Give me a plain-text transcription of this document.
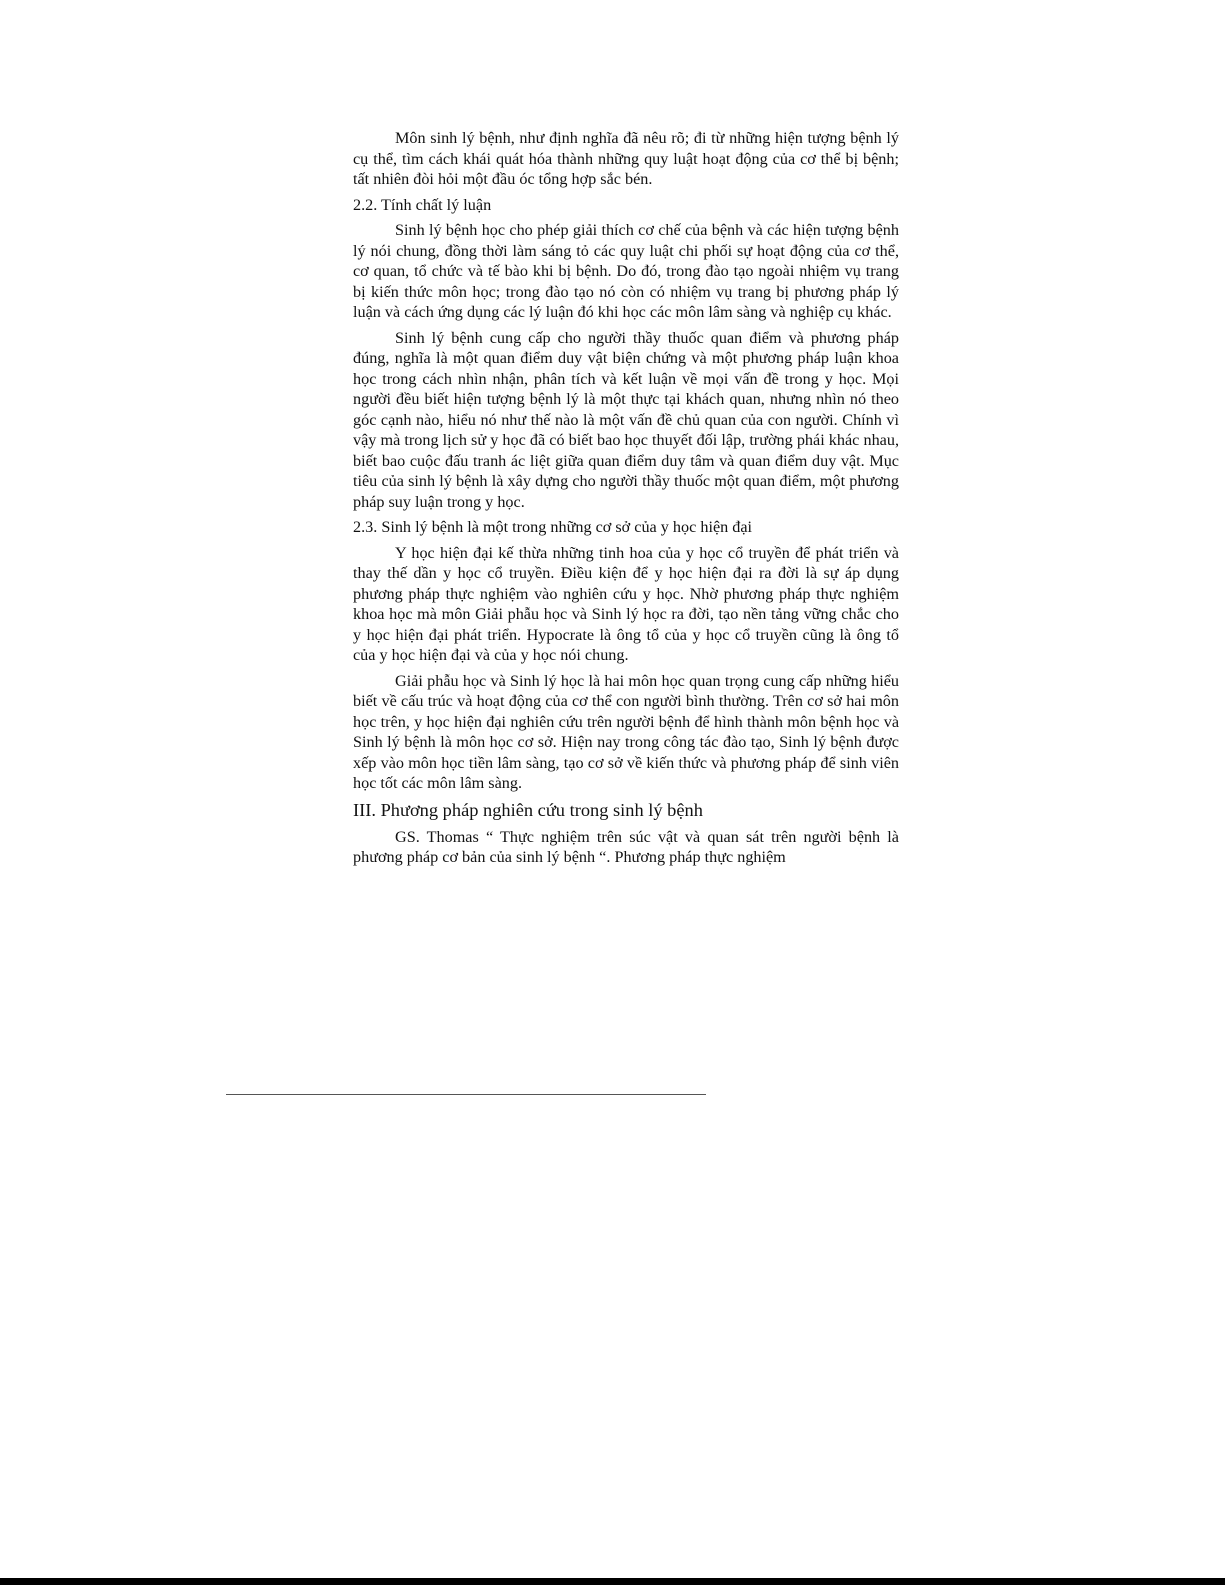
Môn sinh lý bệnh, như định nghĩa đã nêu rõ; đi từ những hiện tượng bệnh lý cụ thể, tìm cách khái quát hóa thành những quy luật hoạt động của cơ thể bị bệnh; tất nhiên đòi hỏi một đầu óc tổng hợp sắc bén.

2.2. Tính chất lý luận

Sinh lý bệnh học cho phép giải thích cơ chế của bệnh và các hiện tượng bệnh lý nói chung, đồng thời làm sáng tỏ các quy luật chi phối sự hoạt động của cơ thể, cơ quan, tổ chức và tế bào khi bị bệnh. Do đó, trong đào tạo ngoài nhiệm vụ trang bị kiến thức môn học; trong đào tạo nó còn có nhiệm vụ trang bị phương pháp lý luận và cách ứng dụng các lý luận đó khi học các môn lâm sàng và nghiệp cụ khác.

Sinh lý bệnh cung cấp cho người thầy thuốc quan điểm và phương pháp đúng, nghĩa là một quan điểm duy vật biện chứng và một phương pháp luận khoa học trong cách nhìn nhận, phân tích và kết luận về mọi vấn đề trong y học. Mọi người đều biết hiện tượng bệnh lý là một thực tại khách quan, nhưng nhìn nó theo góc cạnh nào, hiểu nó như thế nào là một vấn đề chủ quan của con người. Chính vì vậy mà trong lịch sử y học đã có biết bao học thuyết đối lập, trường phái khác nhau, biết bao cuộc đấu tranh ác liệt giữa quan điểm duy tâm và quan điểm duy vật. Mục tiêu của sinh lý bệnh là xây dựng cho người thầy thuốc một quan điểm, một phương pháp suy luận trong y học.

2.3. Sinh lý bệnh là một trong những cơ sở của y học hiện đại

Y học hiện đại kế thừa những tinh hoa của y học cổ truyền để phát triển và thay thế dần y học cổ truyền. Điều kiện để y học hiện đại ra đời là sự áp dụng phương pháp thực nghiệm vào nghiên cứu y học. Nhờ phương pháp thực nghiệm khoa học mà môn Giải phẫu học và Sinh lý học ra đời, tạo nền tảng vững chắc cho y học hiện đại phát triển. Hypocrate là ông tổ của y học cổ truyền cũng là ông tổ của y học hiện đại và của y học nói chung.

Giải phẫu học và Sinh lý học là hai môn học quan trọng cung cấp những hiểu biết về cấu trúc và hoạt động của cơ thể con người bình thường. Trên cơ sở hai môn học trên, y học hiện đại nghiên cứu trên người bệnh để hình thành môn bệnh học và Sinh lý bệnh là môn học cơ sở. Hiện nay trong công tác đào tạo, Sinh lý bệnh được xếp vào môn học tiền lâm sàng, tạo cơ sở về kiến thức và phương pháp để sinh viên học tốt các môn lâm sàng.

III. Phương pháp nghiên cứu trong sinh lý bệnh

GS. Thomas “ Thực nghiệm trên súc vật và quan sát trên người bệnh là phương pháp cơ bản của sinh lý bệnh “. Phương pháp thực nghiệm
